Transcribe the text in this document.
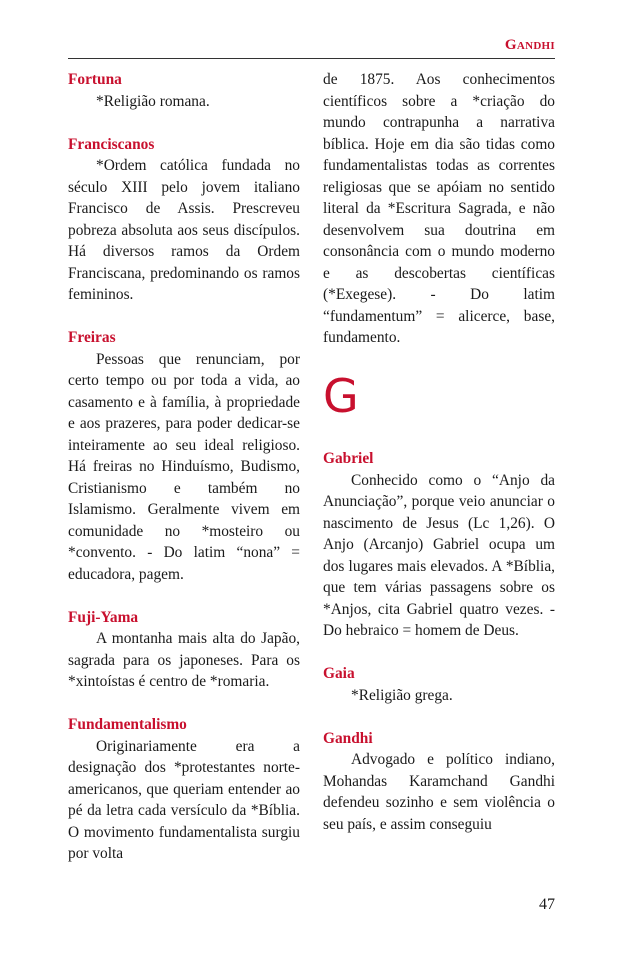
Gandhi
Fortuna

*Religião romana.

Franciscanos

*Ordem católica fundada no século XIII pelo jovem italiano Francisco de Assis. Prescreveu pobreza absoluta aos seus discípulos. Há diversos ramos da Ordem Franciscana, predominando os ramos femininos.

Freiras

Pessoas que renunciam, por certo tempo ou por toda a vida, ao casamento e à família, à propriedade e aos prazeres, para poder dedicar-se inteiramente ao seu ideal religioso. Há freiras no Hinduísmo, Budismo, Cristianismo e também no Islamismo. Geralmente vivem em comunidade no *mosteiro ou *convento. - Do latim “nona” = educadora, pagem.

Fuji-Yama

A montanha mais alta do Japão, sagrada para os japoneses. Para os *xintoístas é centro de *romaria.

Fundamentalismo

Originariamente era a designação dos *protestantes norte-americanos, que queriam entender ao pé da letra cada versículo da *Bíblia. O movimento fundamentalista surgiu por volta

de 1875. Aos conhecimentos científicos sobre a *criação do mundo contrapunha a narrativa bíblica. Hoje em dia são tidas como fundamentalistas todas as correntes religiosas que se apóiam no sentido literal da *Escritura Sagrada, e não desenvolvem sua doutrina em consonância com o mundo moderno e as descobertas científicas (*Exegese). - Do latim “fundamentum” = alicerce, base, fundamento.

G
Gabriel

Conhecido como o “Anjo da Anunciação”, porque veio anunciar o nascimento de Jesus (Lc 1,26). O Anjo (Arcanjo) Gabriel ocupa um dos lugares mais elevados. A *Bíblia, que tem várias passagens sobre os *Anjos, cita Gabriel quatro vezes. - Do hebraico = homem de Deus.

Gaia

*Religião grega.

Gandhi

Advogado e político indiano, Mohandas Karamchand Gandhi defendeu sozinho e sem violência o seu país, e assim conseguiu

47
